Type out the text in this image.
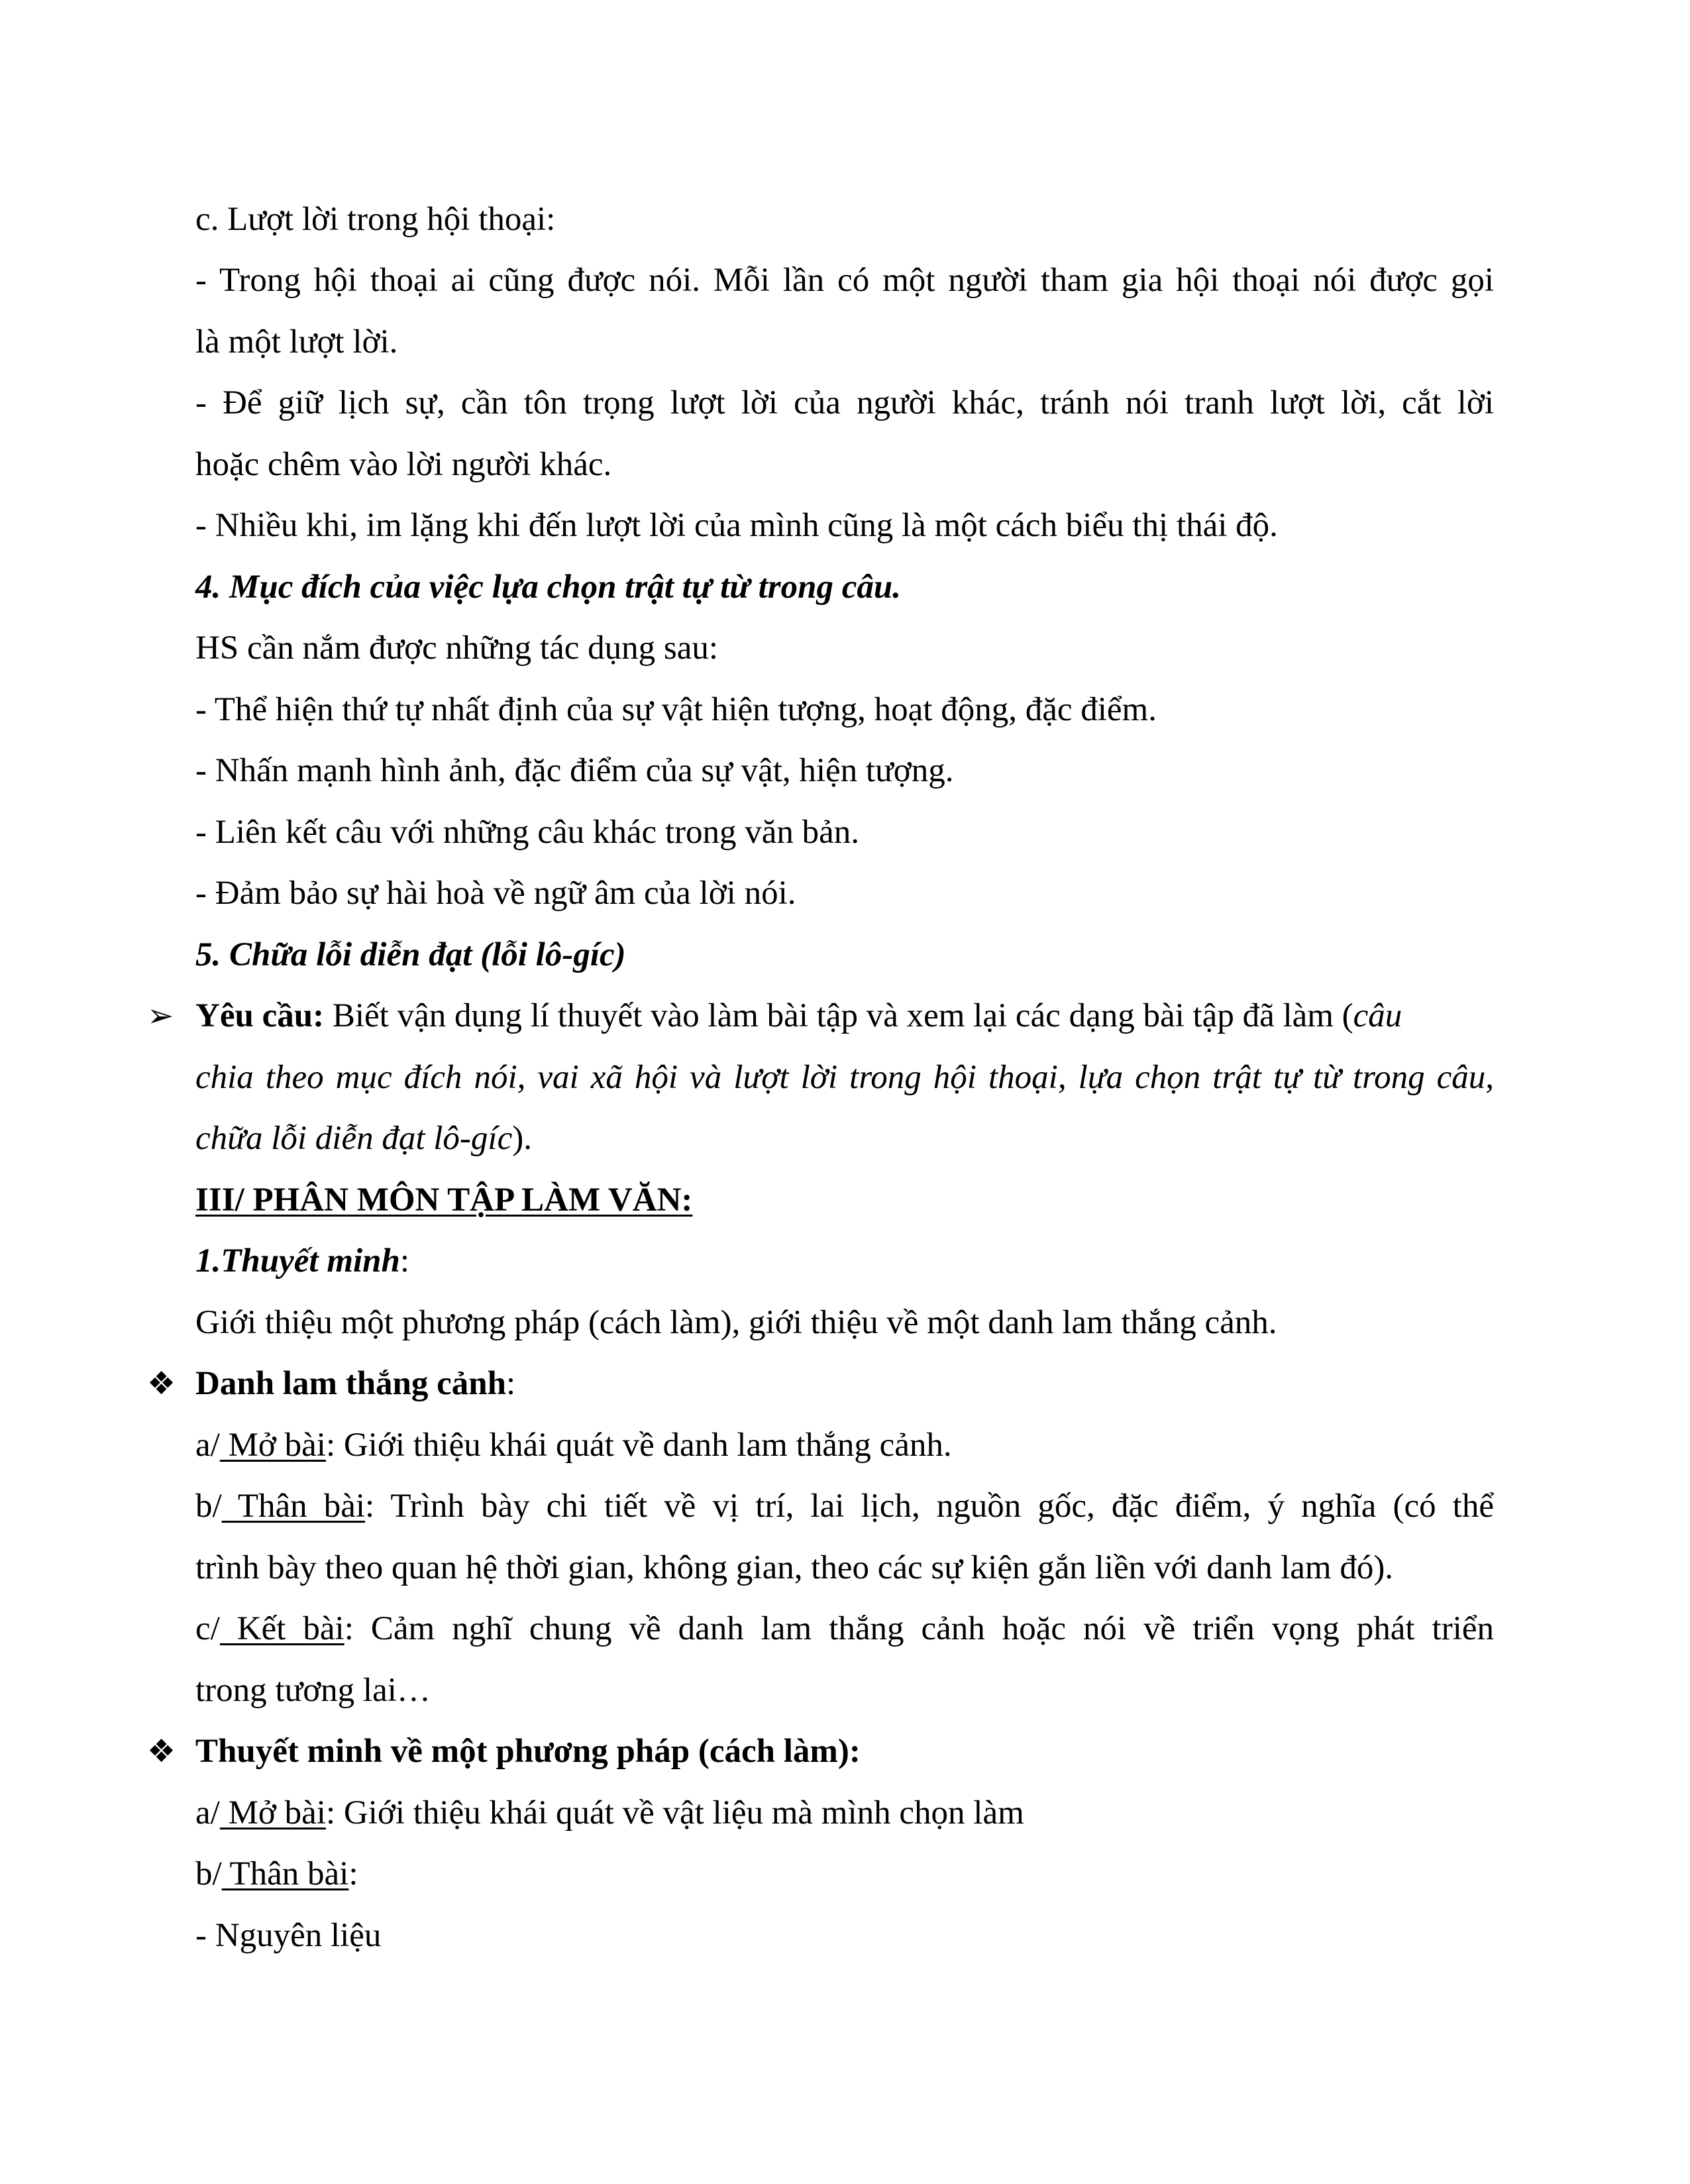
c. Lượt lời trong hội thoại:
- Trong hội thoại ai cũng được nói. Mỗi lần có một người tham gia hội thoại nói được gọi
là một lượt lời.
- Để giữ lịch sự, cần tôn trọng lượt lời của người khác, tránh nói tranh lượt lời, cắt lời
hoặc chêm vào lời người khác.
- Nhiều khi, im lặng khi đến lượt lời của mình cũng là một cách biểu thị thái độ.
4. Mục đích của việc lựa chọn trật tự từ trong câu.
HS cần nắm được những tác dụng sau:
- Thể hiện thứ tự nhất định của sự vật hiện tượng, hoạt động, đặc điểm.
- Nhấn mạnh hình ảnh, đặc điểm của sự vật, hiện tượng.
- Liên kết câu với những câu khác trong văn bản.
- Đảm bảo sự hài hoà về ngữ âm của lời nói.
5. Chữa lỗi diễn đạt (lỗi lô-gíc)
➢ Yêu cầu: Biết vận dụng lí thuyết vào làm bài tập và xem lại các dạng bài tập đã làm (câu
chia theo mục đích nói, vai xã hội và lượt lời trong hội thoại, lựa chọn trật tự từ trong câu,
chữa lỗi diễn đạt lô-gíc).
III/ PHÂN MÔN TẬP LÀM VĂN:
1.Thuyết minh:
Giới thiệu một phương pháp (cách làm), giới thiệu về một danh lam thắng cảnh.
❖ Danh lam thắng cảnh:
a/ Mở bài: Giới thiệu khái quát về danh lam thắng cảnh.
b/ Thân bài: Trình bày chi tiết về vị trí, lai lịch, nguồn gốc, đặc điểm, ý nghĩa (có thể
trình bày theo quan hệ thời gian, không gian, theo các sự kiện gắn liền với danh lam đó).
c/ Kết bài: Cảm nghĩ chung về danh lam thắng cảnh hoặc nói về triển vọng phát triển
trong tương lai…
❖ Thuyết minh về một phương pháp (cách làm):
a/ Mở bài: Giới thiệu khái quát về vật liệu mà mình chọn làm
b/ Thân bài:
- Nguyên liệu
